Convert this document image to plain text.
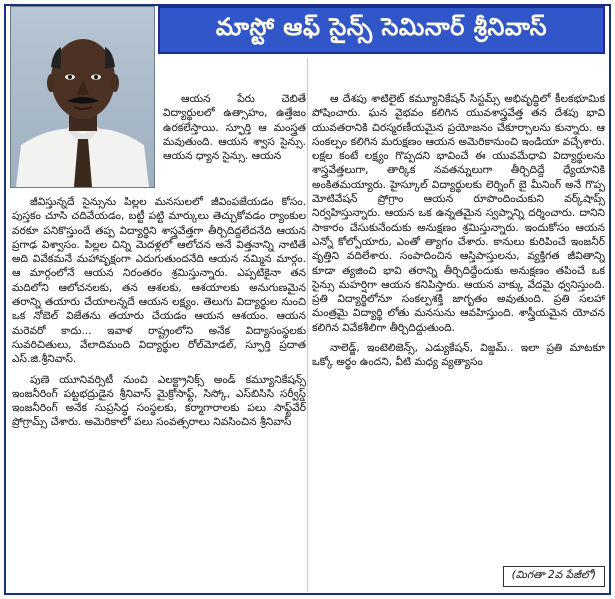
మాస్టో ఆఫ్ సైన్స్ సెమినార్ శ్రీనివాస్

ఆయన పేరు చెబితే విద్యార్థులలో ఉత్సాహం, ఉత్తేజం ఉరకలేస్తాయి. స్ఫూర్తి ఆ మంస్త్రత మవుతుంది. ఆయన శ్వాస సైన్సు. ఆయన ధ్యాన సైన్సు. ఆయన

జీవిస్తున్నదే సైన్సును పిల్లల మనసులలో జీవింపజేయడం కోసం. పుస్తకం చూసి చదివేయడం, బట్టీ పట్టి మార్కులు తెచ్చుకోవడం ర్యాంకుల వరకూ పనికొస్తుందే తప్ప విద్యార్థిని శాస్త్రవేత్తగా తీర్చిదిద్దలేదనేది ఆయన ప్రగాఢ విశ్వాసం. పిల్లల చిన్ని మెదళ్లలో ఆలోచన అనే విత్తనాన్ని నాటితే అది వివేకమనే మహావృక్షంగా ఎదుగుతుందనేది ఆయన నమ్మిన మార్గం. ఆ మార్గంలోనే ఆయన నిరంతరం శ్రమిస్తున్నారు. ఎప్పటికైనా తన మదిలోని ఆలోచనలకు, తన ఆశలకు, ఆశయాలకు అనుగుణమైన తరాన్ని తయారు చేయాలన్నదే ఆయన లక్ష్యం. తెలుగు విద్యార్థుల నుంచి ఒక నోబెల్ విజేతను తయారు చేయడం ఆయన ఆశయం. ఆయన మరెవరో కాదు... ఇవాళ రాష్ట్రంలోని అనేక విద్యాసంస్థలకు సువరిచితులు, వేలాదిమంది విద్యార్థుల రోల్‌మోడల్, స్ఫూర్తి ప్రదాత ఎస్.జి.శ్రీనివాస్.

పుణె యూనివర్సిటీ నుంచి ఎలక్ట్రానిక్స్ అండ్ కమ్యూనికేషన్స్ ఇంజనీరింగ్ పట్టభద్రుడైన శ్రీనివాస్ మైక్రోసాఫ్ట్, సిస్కో, ఎస్‌బిసిసి సర్వీస్డ్ ఇంజనీరింగ్ అనేక సుప్రసిద్ధ సంస్థలకు, కర్మాగారాలకు పలు సాఫ్ట్‌వేర్ ప్రోగ్రామ్స్ చేశారు. అమెరికాలో పలు సంవత్సరాలు నివసించిన శ్రీనివాస్

ఆ దేశపు శాటిలైట్ కమ్యూనికేషన్ సిస్టమ్స్ అభివృద్ధిలో కీలకభూమిక పోషించారు. ఘన వైభవం కలిగిన యువశాస్త్రవేత్త తన దేశపు భావి యువతరానికి చిరస్మరణీయమైన ప్రయోజనం చేకూర్చాలను కున్నారు. ఆ సంకల్పం కలిగిన మరుక్షణం ఆయన అమెరికానుంచి ఇండియా వచ్చేశారు. లక్షల కంటే లక్ష్యం గొప్పదని భావించే ఈ యువమేధావి విద్యార్థులను శాస్త్రవేత్తలుగా, తార్కిక నవతన్నులుగా తీర్చిదిద్దే ధ్యేయానికి అంకితమయ్యారు. హైస్కూల్ విద్యార్థులకు లెర్నింగ్ బై మీనింగ్ అనే గొప్ప మోటివేషన్ ప్రోగ్రాం ఆయన రూపొందించుకుని వర్క్‌షాప్స్ నిర్వహిస్తున్నారు. ఆయన ఒక ఉన్నతమైన స్వప్నాన్ని దర్శించారు. దానిని సాకారం చేసుకునేందుకు అనుక్షణం శ్రమిస్తున్నారు. ఇందుకోసం ఆయన ఎన్నో కోల్పోయారు, ఎంతో త్యాగం చేశారు. కానులు కురిపించే ఇంజనీర్ వృత్తిని వదిలేశారు. సంపాదించిన ఆస్తిపాస్తులను, వ్యక్తిగత జీవితాన్ని కూడా త్యజించి భావి తరాన్ని తీర్చిదిద్దేందుకు అనుక్షణం తపించే ఒక సైన్సు మహర్షిగా ఆయన కనిపిస్తారు. ఆయన వాక్కు వేదమై ధ్వనిస్తుంది. ప్రతి విద్యార్థిలోనూ సంకల్పశక్తి జాగృతం అవుతుంది. ప్రతి సలహా మంత్రమై విద్యార్థి లోతు మనసును ఆవహిస్తుంది. శాస్త్రీయమైన యోచన కలిగిన వివేకశీలిగా తీర్చిదిద్దుతుంది.

నాలెడ్జ్, ఇంటెలిజెన్స్, ఎడ్యుకేషన్, విజ్డమ్.. ఇలా ప్రతి మాటకూ ఒక్కో అర్థం ఉందని, వీటి మధ్య వ్యత్యాసం

(మిగతా 2వ పేజీలో)
